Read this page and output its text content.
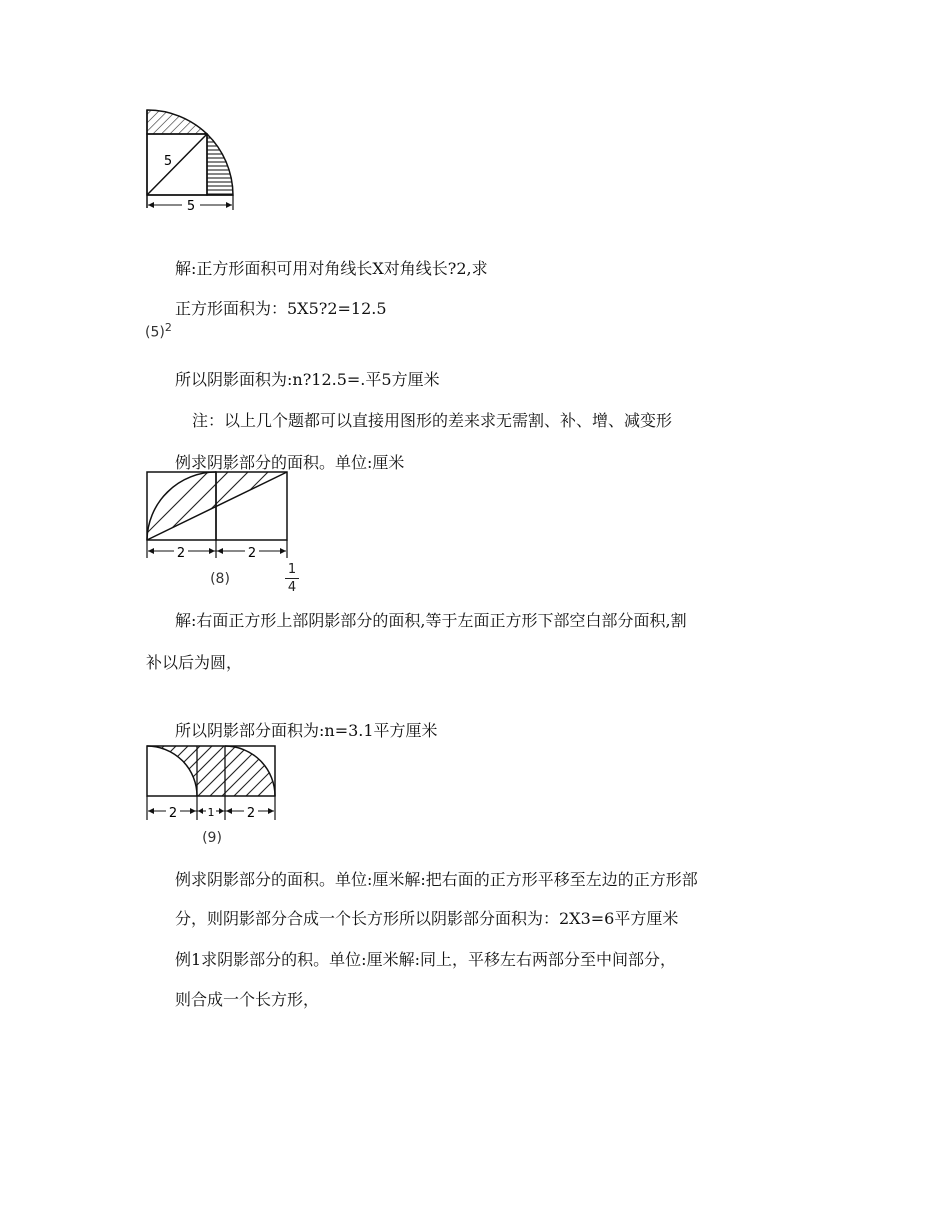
5
5
解:正方形面积可用对角线长X对角线长?2,求
正方形面积为：5X5?2=12.5
$(5)^2$
所以阴影面积为:n?12.5=.平5方厘米
注：以上几个题都可以直接用图形的差来求无需割、补、增、减变形
例求阴影部分的面积。单位:厘米
2	2
(8)
1
4
解:右面正方形上部阴影部分的面积,等于左面正方形下部空白部分面积,割
补以后为圆，
所以阴影部分面积为:n=3.1平方厘米
2	1 2
(9)
例求阴影部分的面积。单位:厘米解:把右面的正方形平移至左边的正方形部
分，则阴影部分合成一个长方形所以阴影部分面积为：2X3=6平方厘米
例1求阴影部分的积。单位:厘米解:同上，平移左右两部分至中间部分，
则合成一个长方形，
